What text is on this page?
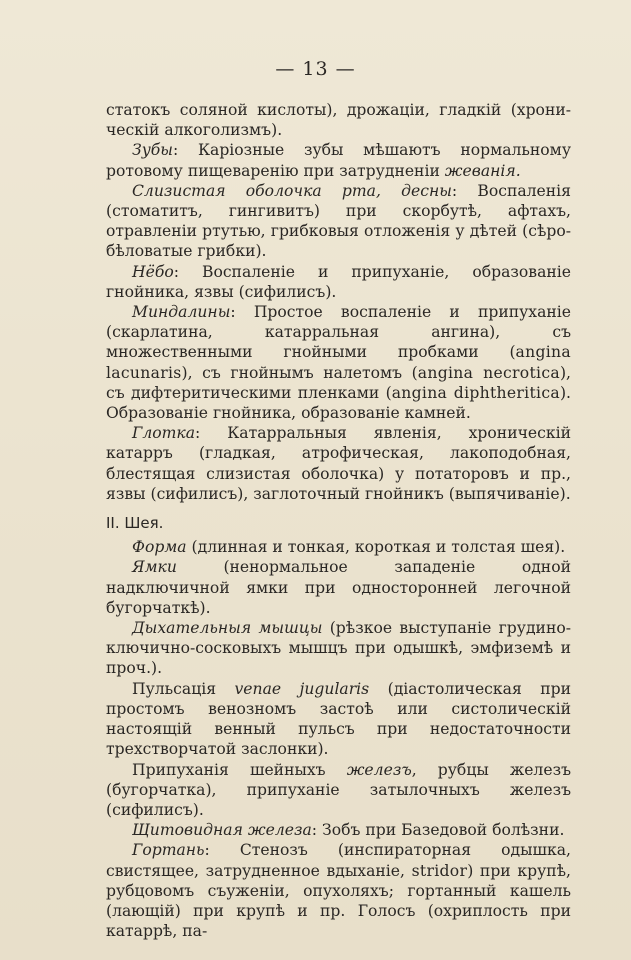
— 13 —

статокъ соляной кислоты), дрожаціи, гладкій (хрони- ческій алкоголизмъ).

Зубы: Каріозные зубы мѣшаютъ нормальному ротовому пищеваренію при затрудненіи жеванія.

Слизистая оболочка рта, десны: Воспаленія (стоматитъ, гингивитъ) при скорбутѣ, афтахъ, отравленіи ртутью, грибковыя отложенія у дѣтей (сѣро-бѣловатые грибки).

Нёбо: Воспаленіе и припуханіе, образованіе гнойника, язвы (сифилисъ).

Миндалины: Простое воспаленіе и припуханіе (скарлатина, катарральная ангина), съ множественными гнойными пробками (angina lacunaris), съ гнойнымъ налетомъ (angina necrotica), съ дифтеритическими пленками (angina diphtheritica). Образованіе гнойника, образованіе камней.

Глотка: Катарральныя явленія, хроническій катарръ (гладкая, атрофическая, лакоподобная, блестящая слизистая оболочка) у потаторовъ и пр., язвы (сифилисъ), заглоточный гнойникъ (выпячиваніе).

II. Шея.

Форма (длинная и тонкая, короткая и толстая шея).

Ямки (ненормальное западеніе одной надключичной ямки при односторонней легочной бугорчаткѣ).

Дыхательныя мышцы (рѣзкое выступаніе грудино-ключично-сосковыхъ мышцъ при одышкѣ, эмфиземѣ и проч.).

Пульсація venae jugularis (діастолическая при простомъ венозномъ застоѣ или систолическій настоящій венный пульсъ при недостаточности трехстворчатой заслонки).

Припуханія шейныхъ железъ, рубцы железъ (бугорчатка), припуханіе затылочныхъ железъ (сифилисъ).

Щитовидная железа: Зобъ при Базедовой болѣзни.

Гортань: Стенозъ (инспираторная одышка, свистящее, затрудненное вдыханіе, stridor) при крупѣ, рубцовомъ съуженіи, опухоляхъ; гортанный кашель (лающій) при крупѣ и пр. Голосъ (охриплость при катаррѣ, па-
